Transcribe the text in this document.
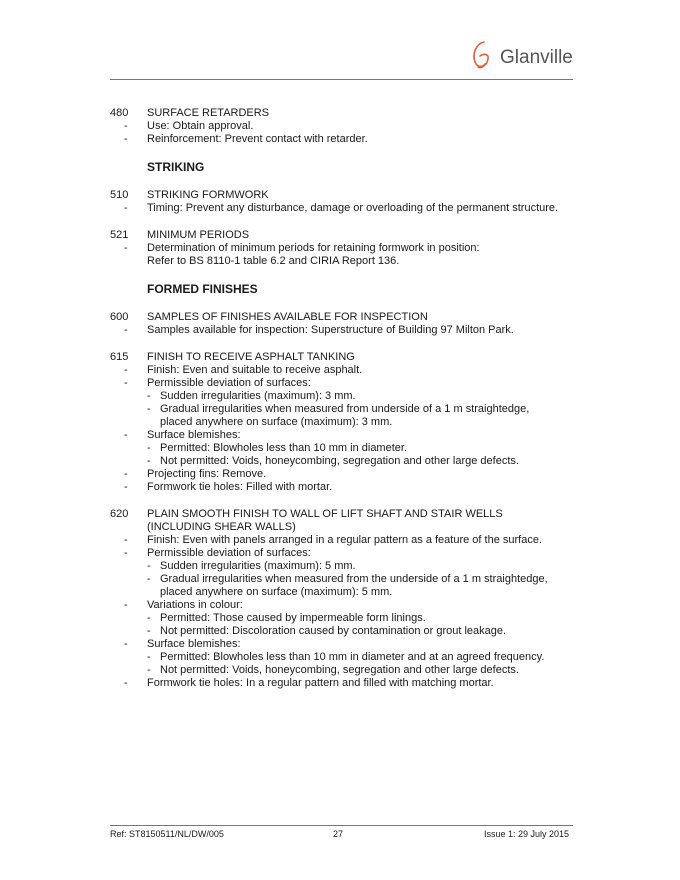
Glanville
480 SURFACE RETARDERS
- Use: Obtain approval.
- Reinforcement: Prevent contact with retarder.
STRIKING
510 STRIKING FORMWORK
- Timing: Prevent any disturbance, damage or overloading of the permanent structure.
521 MINIMUM PERIODS
- Determination of minimum periods for retaining formwork in position:
Refer to BS 8110-1 table 6.2 and CIRIA Report 136.
FORMED FINISHES
600 SAMPLES OF FINISHES AVAILABLE FOR INSPECTION
- Samples available for inspection: Superstructure of Building 97 Milton Park.
615 FINISH TO RECEIVE ASPHALT TANKING
- Finish: Even and suitable to receive asphalt.
- Permissible deviation of surfaces:
- Sudden irregularities (maximum): 3 mm.
- Gradual irregularities when measured from underside of a 1 m straightedge,
placed anywhere on surface (maximum): 3 mm.
- Surface blemishes:
- Permitted: Blowholes less than 10 mm in diameter.
- Not permitted: Voids, honeycombing, segregation and other large defects.
- Projecting fins: Remove.
- Formwork tie holes: Filled with mortar.
620 PLAIN SMOOTH FINISH TO WALL OF LIFT SHAFT AND STAIR WELLS
(INCLUDING SHEAR WALLS)
- Finish: Even with panels arranged in a regular pattern as a feature of the surface.
- Permissible deviation of surfaces:
- Sudden irregularities (maximum): 5 mm.
- Gradual irregularities when measured from the underside of a 1 m straightedge,
placed anywhere on surface (maximum): 5 mm.
- Variations in colour:
- Permitted: Those caused by impermeable form linings.
- Not permitted: Discoloration caused by contamination or grout leakage.
- Surface blemishes:
- Permitted: Blowholes less than 10 mm in diameter and at an agreed frequency.
- Not permitted: Voids, honeycombing, segregation and other large defects.
- Formwork tie holes: In a regular pattern and filled with matching mortar.
Ref: ST8150511/NL/DW/005	27	Issue 1: 29 July 2015
